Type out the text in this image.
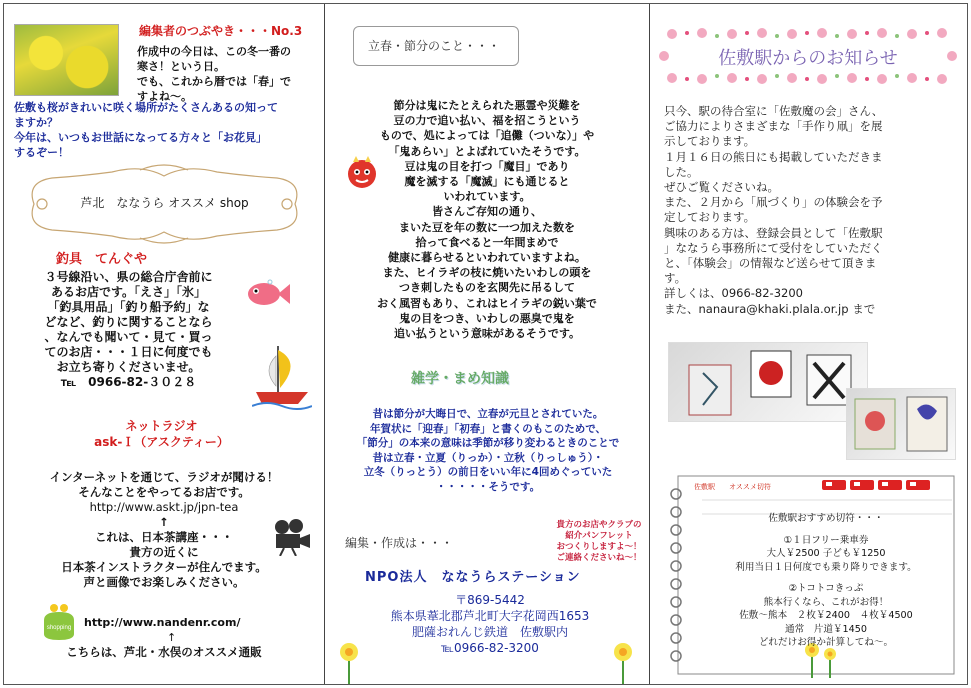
編集者のつぶやき・・・No.3
作成中の今日は、この冬一番の
寒さ！という日。
でも、これから暦では「春」で
すよね～。
佐敷も桜がきれいに咲く場所がたくさんあるの知って
ますか？
今年は、いつもお世話になってる方々と「お花見」
するぞー！
芦北　ななうら オススメ shop
釣具　てんぐや
３号線沿い、県の総合庁舎前に
あるお店です。「えさ」「氷」
「釣具用品」「釣り船予約」な
どなど、釣りに関することなら
、なんでも聞いて・見て・買っ
てのお店・・・１日に何度でも
お立ち寄りくださいませ。
℡　0966-82-３０２８
ネットラジオ
ask-Ｉ（アスクティー）
インターネットを通じて、ラジオが聞ける！
そんなことをやってるお店です。
http://www.askt.jp/jpn-tea
↑
これは、日本茶講座・・・
貴方の近くに
日本茶インストラクターが住んでます。
声と画像でお楽しみください。
shopping http://www.nandenr.com/
↑
こちらは、芦北・水俣のオススメ通販
立春・節分のこと・・・
節分は鬼にたとえられた悪霊や災難を
豆の力で追い払い、福を招こうという
もので、処によっては「追儺（ついな）」や
「鬼あらい」とよばれていたそうです。
豆は鬼の目を打つ「魔目」であり
魔を滅する「魔滅」にも通じると
いわれています。
皆さんご存知の通り、
まいた豆を年の数に一つ加えた数を
拾って食べると一年間まめで
健康に暮らせるといわれていますよね。
また、ヒイラギの枝に焼いたいわしの頭を
つき刺したものを玄関先に吊るして
おく風習もあり、これはヒイラギの鋭い葉で
鬼の目をつき、いわしの悪臭で鬼を
追い払うという意味があるそうです。
雑学・まめ知識
昔は節分が大晦日で、立春が元旦とされていた。
年賀状に「迎春」「初春」と書くのもこのためで、
「節分」の本来の意味は季節が移り変わるときのことで
昔は立春・立夏（りっか）・立秋（りっしゅう）・
立冬（りっとう）の前日をいい年に4回めぐっていた
・・・・・そうです。
編集・作成は・・・
貴方のお店やクラブの
紹介パンフレット
おつくりしますよ～！
ご連絡くださいね～！
NPO法人　ななうらステーション
〒869-5442
熊本県葦北郡芦北町大字花岡西1653
肥薩おれんじ鉄道　佐敷駅内
℡0966-82-3200
佐敷駅からのお知らせ
只今、駅の待合室に「佐敷魔の会」さん、
ご協力によりさまざまな「手作り凧」を展
示しております。
１月１６日の熊日にも掲載していただきま
した。
ぜひご覧くださいね。
また、２月から「凧づくり」の体験会を予
定しております。
興味のある方は、登録会員として「佐敷駅
」ななうら事務所にて受付をしていただく
と、「体験会」の情報など送らせて頂きま
す。
詳しくは、0966-82-3200
また、nanaura@khaki.plala.or.jp まで
佐敷駅　　オススメ切符
佐敷駅おすすめ切符・・・
①１日フリー乗車券
大人￥2500 子ども￥1250
利用当日１日何度でも乗り降りできます。
②トコトコきっぷ
熊本行くなら、これがお得！
佐敷～熊本　２枚￥2400　４枚￥4500
通常　片道￥1450
どれだけお得か計算してね～。
